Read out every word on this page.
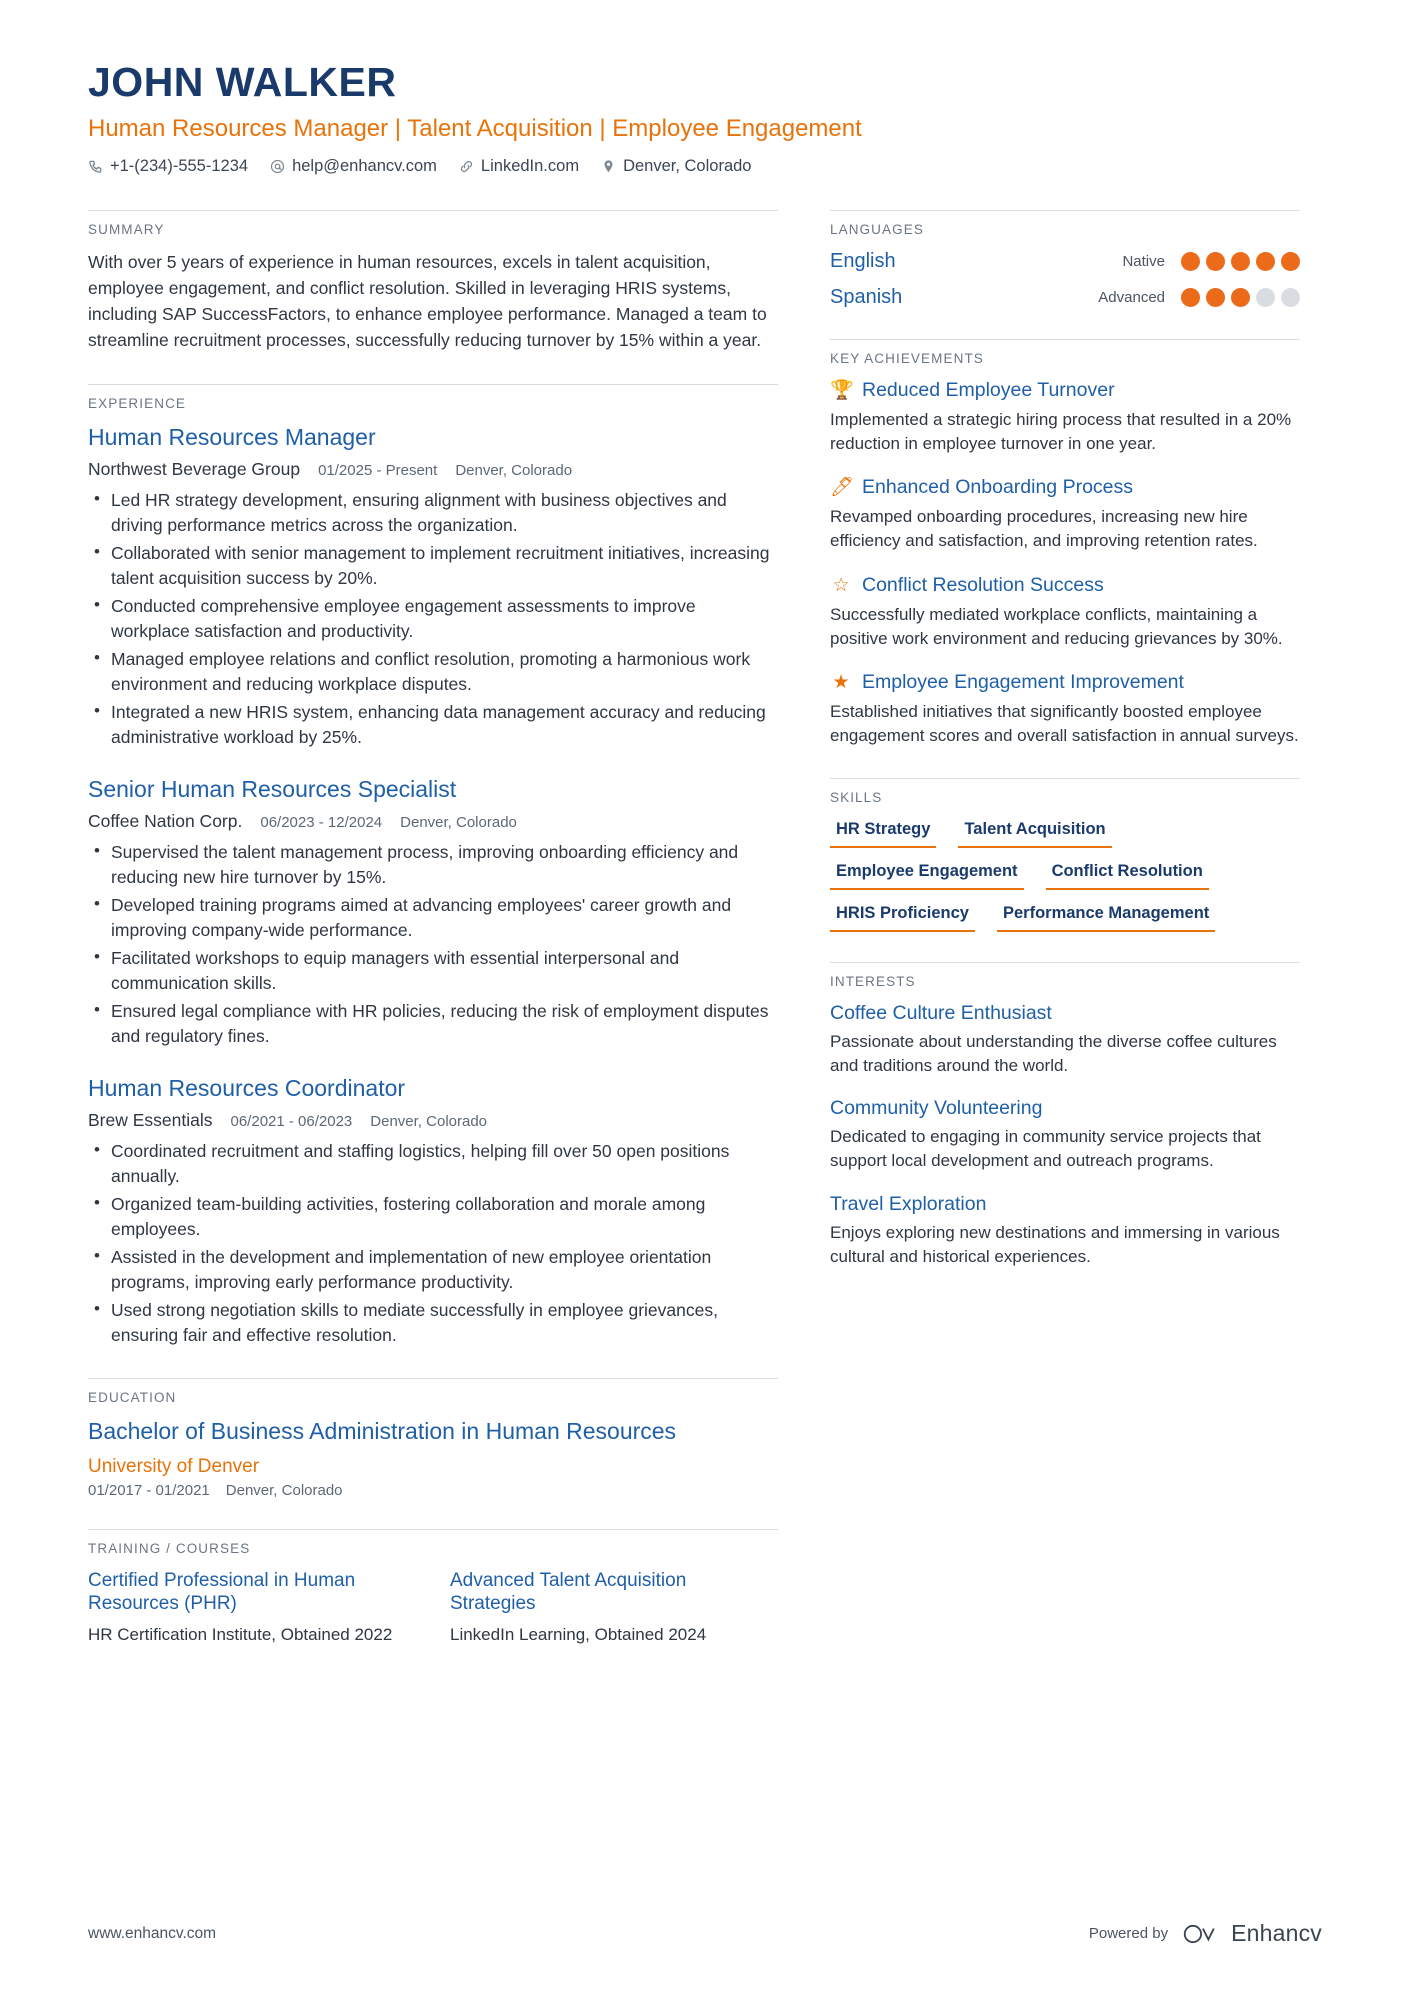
JOHN WALKER
Human Resources Manager | Talent Acquisition | Employee Engagement
+1-(234)-555-1234	help@enhancv.com	LinkedIn.com	Denver, Colorado
SUMMARY
With over 5 years of experience in human resources, excels in talent acquisition, employee engagement, and conflict resolution. Skilled in leveraging HRIS systems, including SAP SuccessFactors, to enhance employee performance. Managed a team to streamline recruitment processes, successfully reducing turnover by 15% within a year.
EXPERIENCE
Human Resources Manager
Northwest Beverage Group 01/2025 - Present Denver, Colorado
• Led HR strategy development, ensuring alignment with business objectives and driving performance metrics across the organization.
• Collaborated with senior management to implement recruitment initiatives, increasing talent acquisition success by 20%.
• Conducted comprehensive employee engagement assessments to improve workplace satisfaction and productivity.
• Managed employee relations and conflict resolution, promoting a harmonious work environment and reducing workplace disputes.
• Integrated a new HRIS system, enhancing data management accuracy and reducing administrative workload by 25%.
Senior Human Resources Specialist
Coffee Nation Corp. 06/2023 - 12/2024 Denver, Colorado
• Supervised the talent management process, improving onboarding efficiency and reducing new hire turnover by 15%.
• Developed training programs aimed at advancing employees' career growth and improving company-wide performance.
• Facilitated workshops to equip managers with essential interpersonal and communication skills.
• Ensured legal compliance with HR policies, reducing the risk of employment disputes and regulatory fines.
Human Resources Coordinator
Brew Essentials 06/2021 - 06/2023 Denver, Colorado
• Coordinated recruitment and staffing logistics, helping fill over 50 open positions annually.
• Organized team-building activities, fostering collaboration and morale among employees.
• Assisted in the development and implementation of new employee orientation programs, improving early performance productivity.
• Used strong negotiation skills to mediate successfully in employee grievances, ensuring fair and effective resolution.
EDUCATION
Bachelor of Business Administration in Human Resources
University of Denver
01/2017 - 01/2021 Denver, Colorado
TRAINING / COURSES
Certified Professional in Human Resources (PHR)
HR Certification Institute, Obtained 2022
Advanced Talent Acquisition Strategies
LinkedIn Learning, Obtained 2024
LANGUAGES
English	Native
Spanish	Advanced
KEY ACHIEVEMENTS
🏆 Reduced Employee Turnover
Implemented a strategic hiring process that resulted in a 20% reduction in employee turnover in one year.
🖊 Enhanced Onboarding Process
Revamped onboarding procedures, increasing new hire efficiency and satisfaction, and improving retention rates.
☆ Conflict Resolution Success
Successfully mediated workplace conflicts, maintaining a positive work environment and reducing grievances by 30%.
★ Employee Engagement Improvement
Established initiatives that significantly boosted employee engagement scores and overall satisfaction in annual surveys.
SKILLS
HR Strategy	Talent Acquisition
Employee Engagement	Conflict Resolution
HRIS Proficiency	Performance Management
INTERESTS
Coffee Culture Enthusiast
Passionate about understanding the diverse coffee cultures and traditions around the world.
Community Volunteering
Dedicated to engaging in community service projects that support local development and outreach programs.
Travel Exploration
Enjoys exploring new destinations and immersing in various cultural and historical experiences.
www.enhancv.com	Powered by	Enhancv
